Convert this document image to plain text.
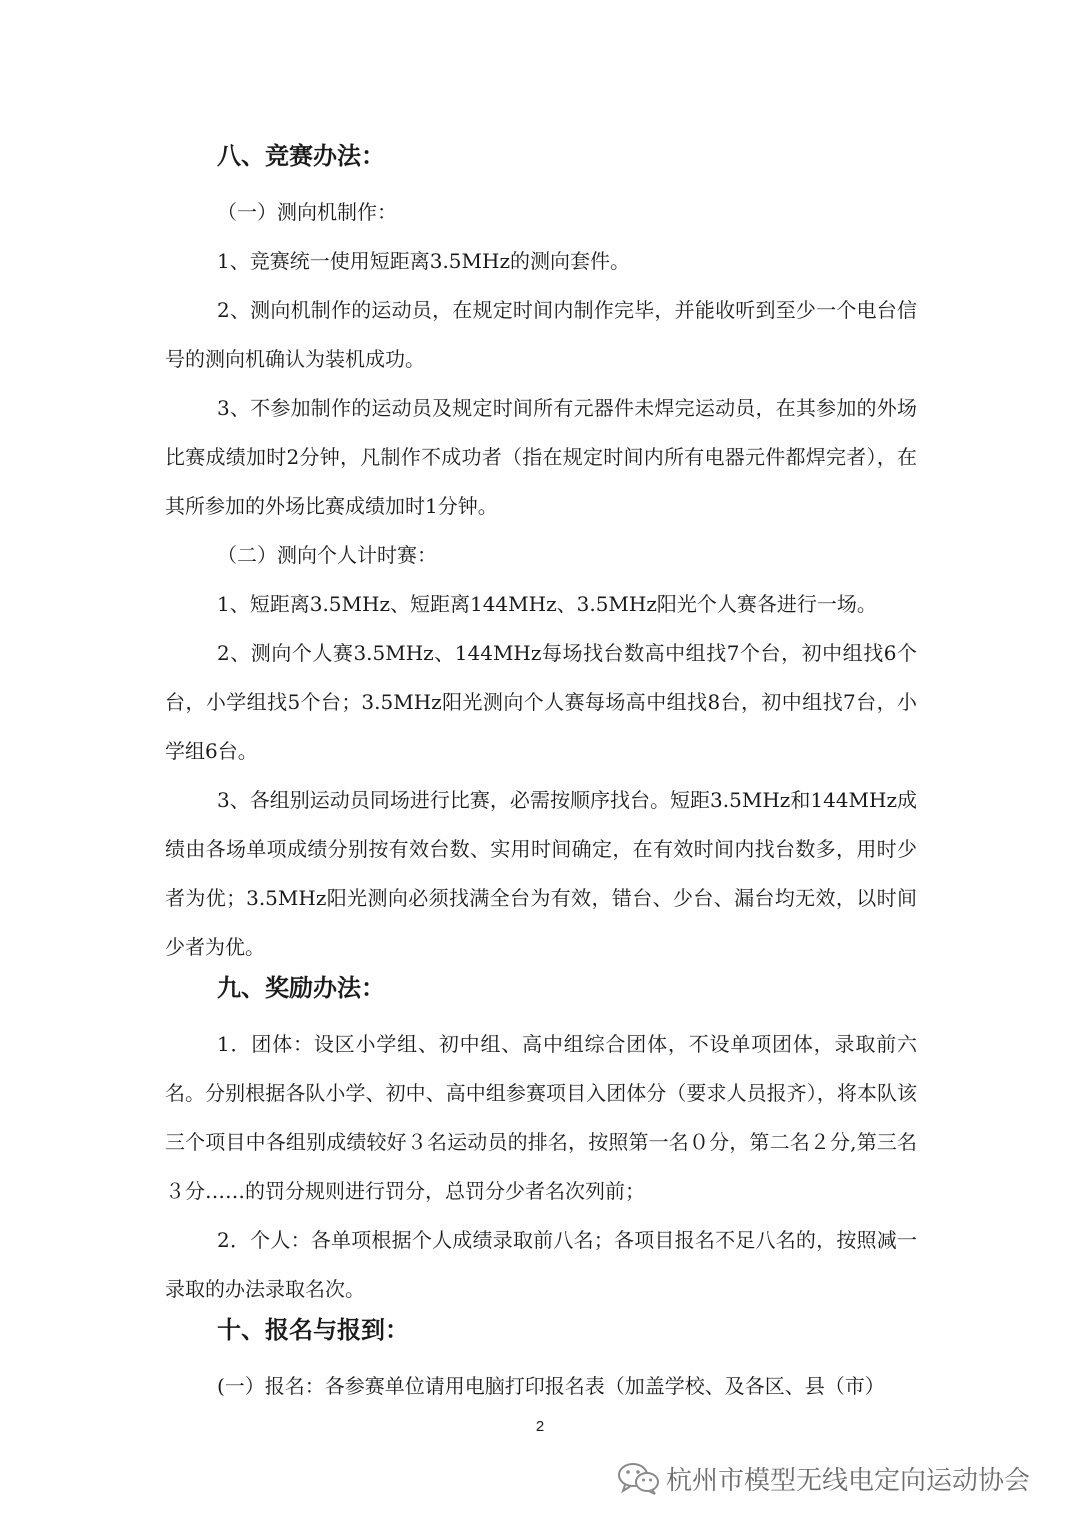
八、竞赛办法：

（一）测向机制作：

1、竞赛统一使用短距离3.5MHz的测向套件。

2、测向机制作的运动员，在规定时间内制作完毕，并能收听到至少一个电台信号的测向机确认为装机成功。

3、不参加制作的运动员及规定时间所有元器件未焊完运动员，在其参加的外场比赛成绩加时2分钟，凡制作不成功者（指在规定时间内所有电器元件都焊完者），在其所参加的外场比赛成绩加时1分钟。

（二）测向个人计时赛：

1、短距离3.5MHz、短距离144MHz、3.5MHz阳光个人赛各进行一场。

2、测向个人赛3.5MHz、144MHz每场找台数高中组找7个台，初中组找6个台，小学组找5个台；3.5MHz阳光测向个人赛每场高中组找8台，初中组找7台，小学组6台。

3、各组别运动员同场进行比赛，必需按顺序找台。短距3.5MHz和144MHz成绩由各场单项成绩分别按有效台数、实用时间确定，在有效时间内找台数多，用时少者为优；3.5MHz阳光测向必须找满全台为有效，错台、少台、漏台均无效，以时间少者为优。

九、奖励办法：

1．团体：设区小学组、初中组、高中组综合团体，不设单项团体，录取前六名。分别根据各队小学、初中、高中组参赛项目入团体分（要求人员报齐），将本队该三个项目中各组别成绩较好３名运动员的排名，按照第一名０分，第二名２分,第三名３分……的罚分规则进行罚分，总罚分少者名次列前；

2．个人：各单项根据个人成绩录取前八名；各项目报名不足八名的，按照减一录取的办法录取名次。

十、报名与报到：

(一）报名：各参赛单位请用电脑打印报名表（加盖学校、及各区、县（市）

2
杭州市模型无线电定向运动协会
